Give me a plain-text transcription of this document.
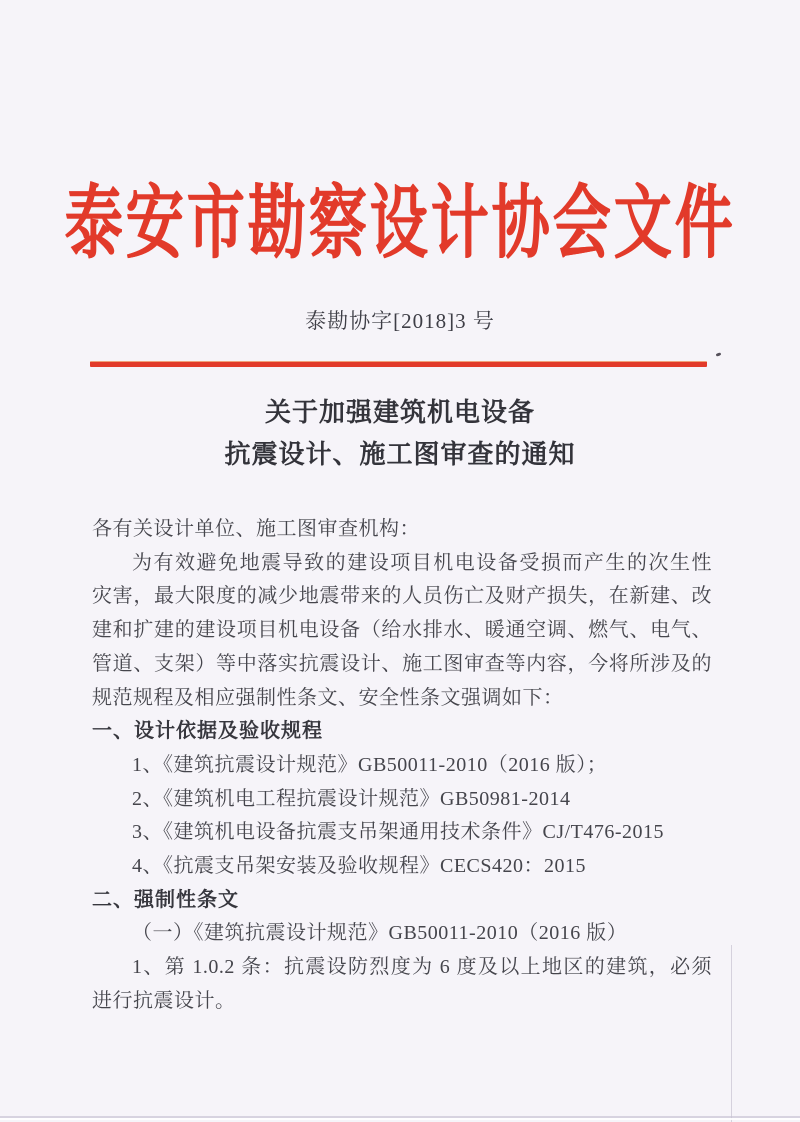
泰安市勘察设计协会文件
泰勘协字[2018]3 号
关于加强建筑机电设备
抗震设计、施工图审查的通知
各有关设计单位、施工图审查机构：
为有效避免地震导致的建设项目机电设备受损而产生的次生性
灾害，最大限度的减少地震带来的人员伤亡及财产损失，在新建、改
建和扩建的建设项目机电设备（给水排水、暖通空调、燃气、电气、
管道、支架）等中落实抗震设计、施工图审查等内容，今将所涉及的
规范规程及相应强制性条文、安全性条文强调如下：
一、设计依据及验收规程
1、《建筑抗震设计规范》GB50011-2010（2016 版）；
2、《建筑机电工程抗震设计规范》GB50981-2014
3、《建筑机电设备抗震支吊架通用技术条件》CJ/T476-2015
4、《抗震支吊架安装及验收规程》CECS420：2015
二、强制性条文
（一）《建筑抗震设计规范》GB50011-2010（2016 版）
1、第 1.0.2 条：抗震设防烈度为 6 度及以上地区的建筑，必须
进行抗震设计。
